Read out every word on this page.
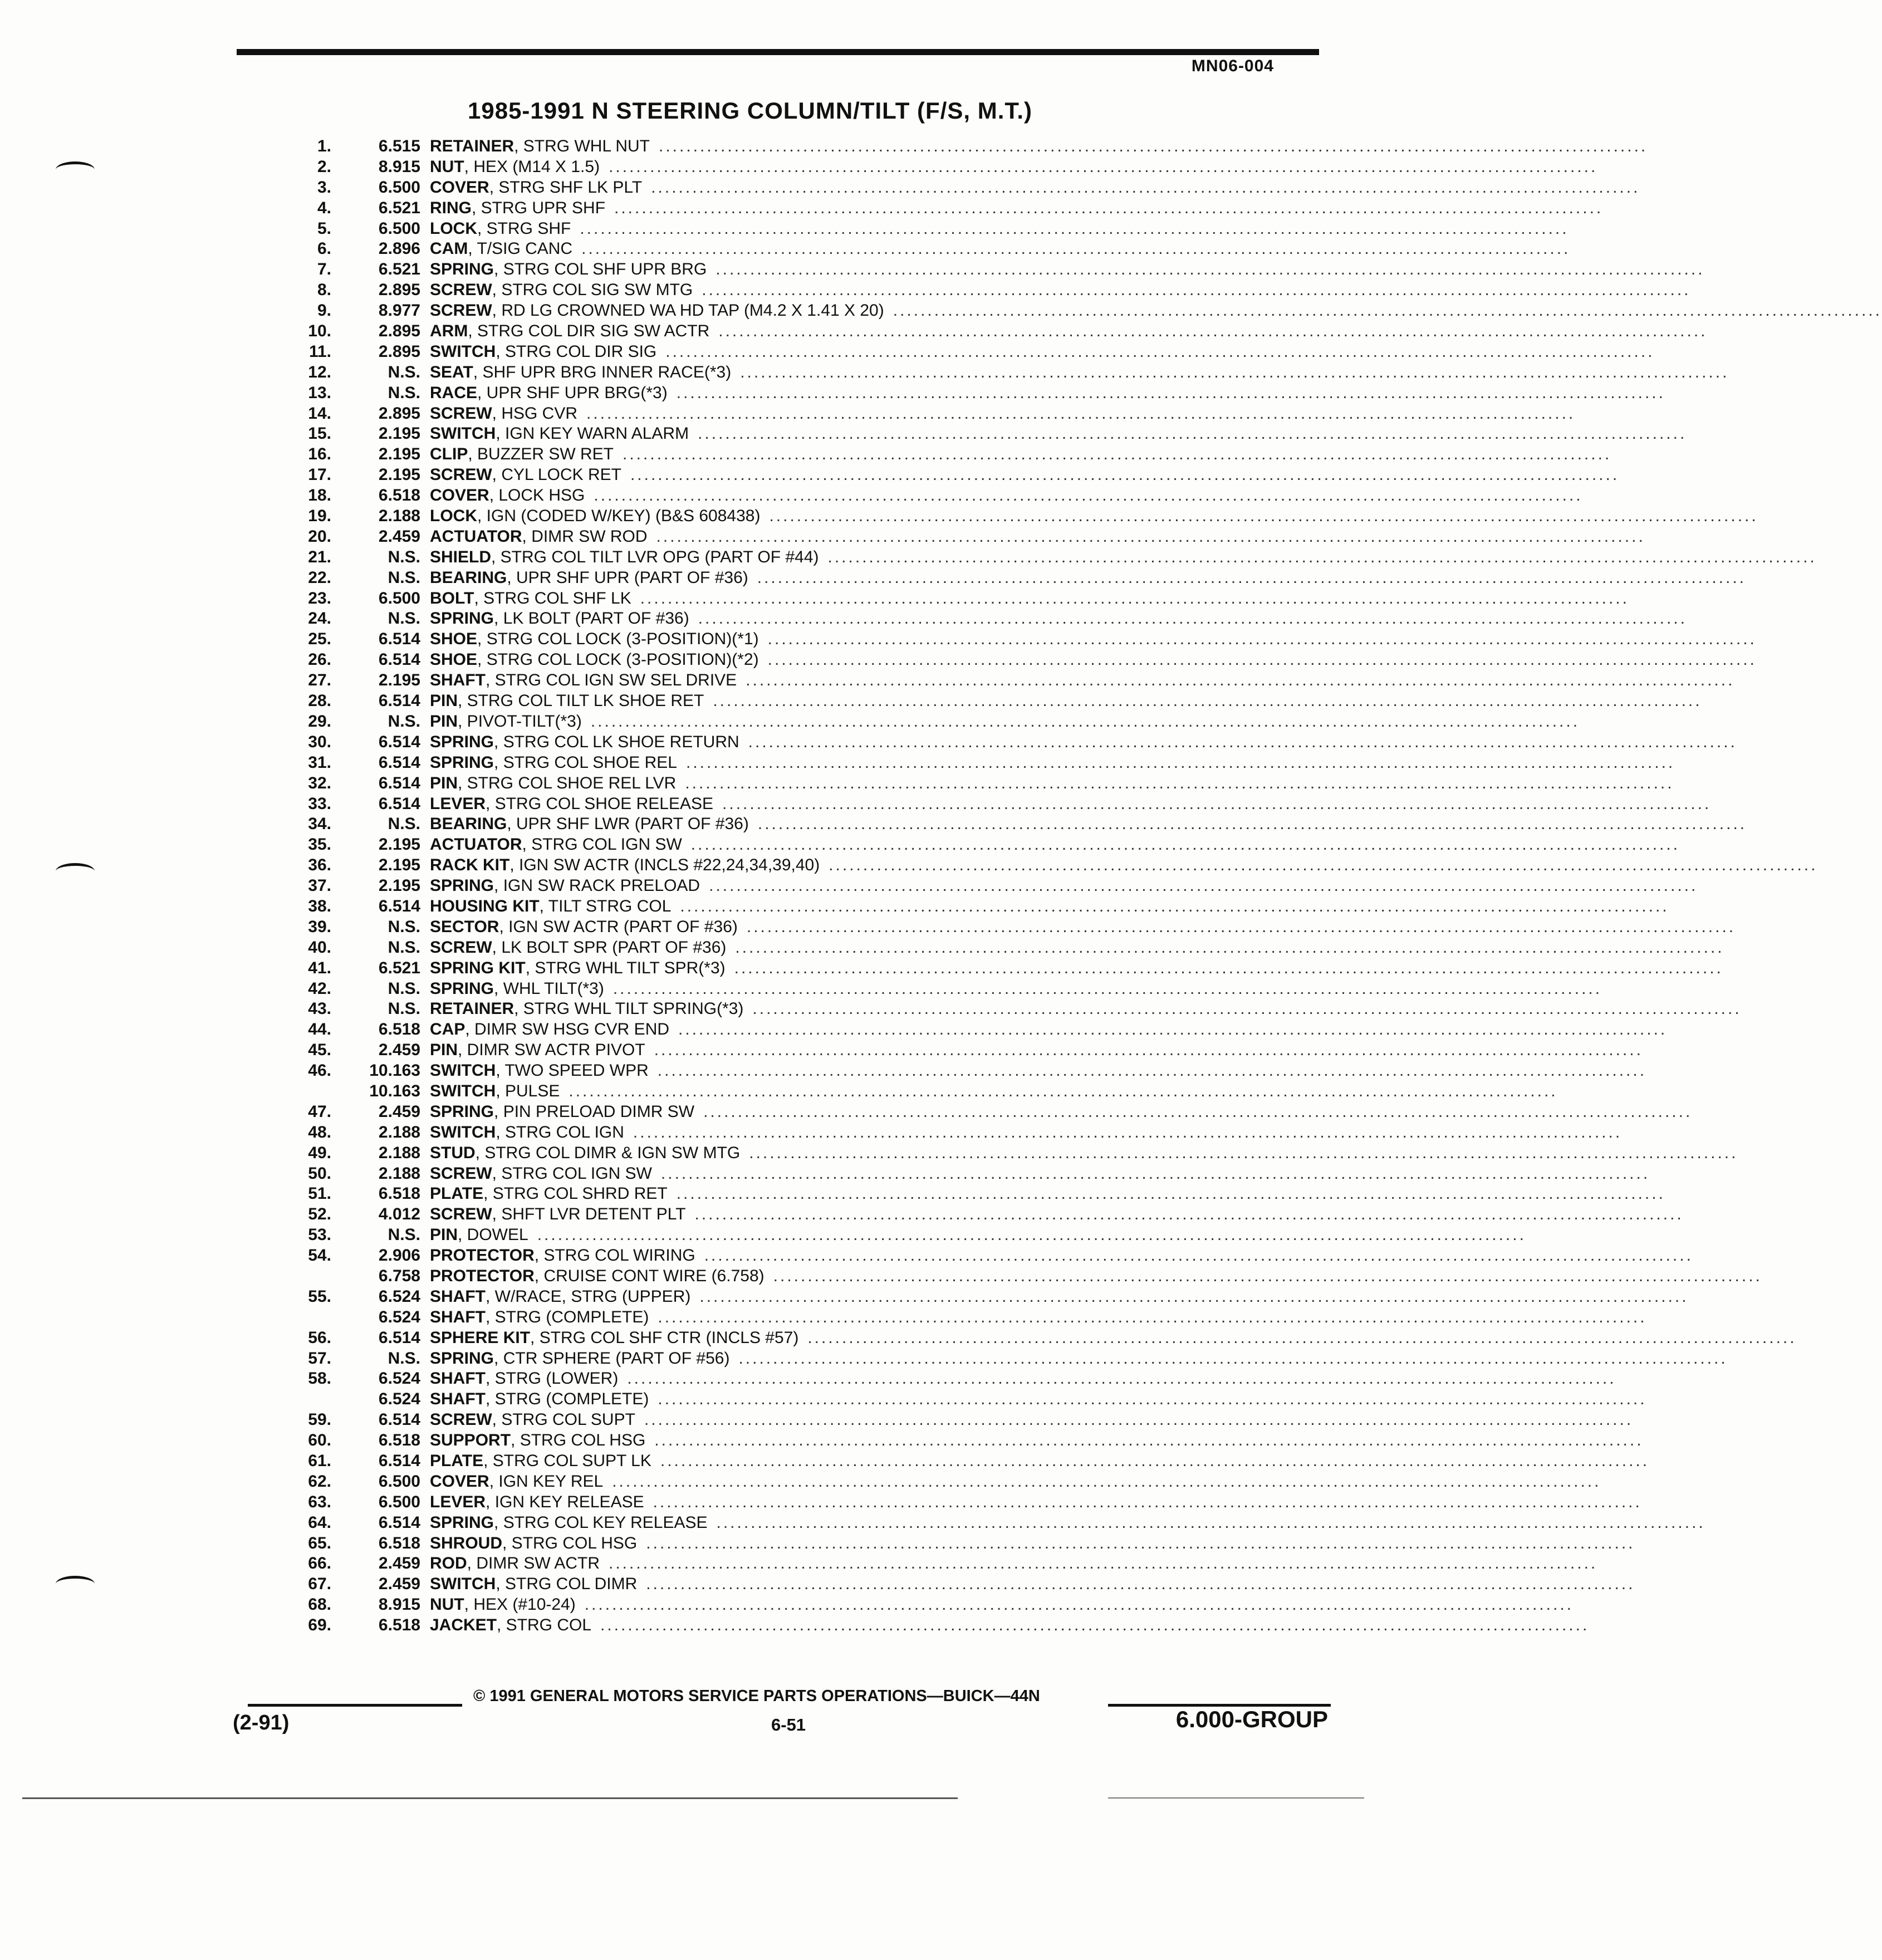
MN06-004
1985-1991 N STEERING COLUMN/TILT (F/S, M.T.)
1.	6.515 RETAINER, STRG WHL NUT ................................................................................................................................................
2.	8.915 NUT, HEX (M14 X 1.5) ................................................................................................................................................
3.	6.500 COVER, STRG SHF LK PLT ................................................................................................................................................
4.	6.521 RING, STRG UPR SHF ................................................................................................................................................
5.	6.500 LOCK, STRG SHF ................................................................................................................................................
6.	2.896 CAM, T/SIG CANC ................................................................................................................................................
7.	6.521 SPRING, STRG COL SHF UPR BRG ................................................................................................................................................
8.	2.895 SCREW, STRG COL SIG SW MTG ................................................................................................................................................
9.	8.977 SCREW, RD LG CROWNED WA HD TAP (M4.2 X 1.41 X 20) ................................................................................................................................................
10.	2.895 ARM, STRG COL DIR SIG SW ACTR ................................................................................................................................................
11.	2.895 SWITCH, STRG COL DIR SIG ................................................................................................................................................
12.	N.S. SEAT, SHF UPR BRG INNER RACE(*3) ................................................................................................................................................
13.	N.S. RACE, UPR SHF UPR BRG(*3) ................................................................................................................................................
14.	2.895 SCREW, HSG CVR ................................................................................................................................................
15.	2.195 SWITCH, IGN KEY WARN ALARM ................................................................................................................................................
16.	2.195 CLIP, BUZZER SW RET ................................................................................................................................................
17.	2.195 SCREW, CYL LOCK RET ................................................................................................................................................
18.	6.518 COVER, LOCK HSG ................................................................................................................................................
19.	2.188 LOCK, IGN (CODED W/KEY) (B&S 608438) ................................................................................................................................................
20.	2.459 ACTUATOR, DIMR SW ROD ................................................................................................................................................
21.	N.S. SHIELD, STRG COL TILT LVR OPG (PART OF #44) ................................................................................................................................................
22.	N.S. BEARING, UPR SHF UPR (PART OF #36) ................................................................................................................................................
23.	6.500 BOLT, STRG COL SHF LK ................................................................................................................................................
24.	N.S. SPRING, LK BOLT (PART OF #36) ................................................................................................................................................
25.	6.514 SHOE, STRG COL LOCK (3-POSITION)(*1) ................................................................................................................................................
26.	6.514 SHOE, STRG COL LOCK (3-POSITION)(*2) ................................................................................................................................................
27.	2.195 SHAFT, STRG COL IGN SW SEL DRIVE ................................................................................................................................................
28.	6.514 PIN, STRG COL TILT LK SHOE RET ................................................................................................................................................
29.	N.S. PIN, PIVOT-TILT(*3) ................................................................................................................................................
30.	6.514 SPRING, STRG COL LK SHOE RETURN ................................................................................................................................................
31.	6.514 SPRING, STRG COL SHOE REL ................................................................................................................................................
32.	6.514 PIN, STRG COL SHOE REL LVR ................................................................................................................................................
33.	6.514 LEVER, STRG COL SHOE RELEASE ................................................................................................................................................
34.	N.S. BEARING, UPR SHF LWR (PART OF #36) ................................................................................................................................................
35.	2.195 ACTUATOR, STRG COL IGN SW ................................................................................................................................................
36.	2.195 RACK KIT, IGN SW ACTR (INCLS #22,24,34,39,40) ................................................................................................................................................
37.	2.195 SPRING, IGN SW RACK PRELOAD ................................................................................................................................................
38.	6.514 HOUSING KIT, TILT STRG COL ................................................................................................................................................
39.	N.S. SECTOR, IGN SW ACTR (PART OF #36) ................................................................................................................................................
40.	N.S. SCREW, LK BOLT SPR (PART OF #36) ................................................................................................................................................
41.	6.521 SPRING KIT, STRG WHL TILT SPR(*3) ................................................................................................................................................
42.	N.S. SPRING, WHL TILT(*3) ................................................................................................................................................
43.	N.S. RETAINER, STRG WHL TILT SPRING(*3) ................................................................................................................................................
44.	6.518 CAP, DIMR SW HSG CVR END ................................................................................................................................................
45.	2.459 PIN, DIMR SW ACTR PIVOT ................................................................................................................................................
46.	10.163 SWITCH, TWO SPEED WPR ................................................................................................................................................
10.163 SWITCH, PULSE ................................................................................................................................................
47.	2.459 SPRING, PIN PRELOAD DIMR SW ................................................................................................................................................
48.	2.188 SWITCH, STRG COL IGN ................................................................................................................................................
49.	2.188 STUD, STRG COL DIMR & IGN SW MTG ................................................................................................................................................
50.	2.188 SCREW, STRG COL IGN SW ................................................................................................................................................
51.	6.518 PLATE, STRG COL SHRD RET ................................................................................................................................................
52.	4.012 SCREW, SHFT LVR DETENT PLT ................................................................................................................................................
53.	N.S. PIN, DOWEL ................................................................................................................................................
54.	2.906 PROTECTOR, STRG COL WIRING ................................................................................................................................................
6.758 PROTECTOR, CRUISE CONT WIRE (6.758) ................................................................................................................................................
55.	6.524 SHAFT, W/RACE, STRG (UPPER) ................................................................................................................................................
6.524 SHAFT, STRG (COMPLETE) ................................................................................................................................................
56.	6.514 SPHERE KIT, STRG COL SHF CTR (INCLS #57) ................................................................................................................................................
57.	N.S. SPRING, CTR SPHERE (PART OF #56) ................................................................................................................................................
58.	6.524 SHAFT, STRG (LOWER) ................................................................................................................................................
6.524 SHAFT, STRG (COMPLETE) ................................................................................................................................................
59.	6.514 SCREW, STRG COL SUPT ................................................................................................................................................
60.	6.518 SUPPORT, STRG COL HSG ................................................................................................................................................
61.	6.514 PLATE, STRG COL SUPT LK ................................................................................................................................................
62.	6.500 COVER, IGN KEY REL ................................................................................................................................................
63.	6.500 LEVER, IGN KEY RELEASE ................................................................................................................................................
64.	6.514 SPRING, STRG COL KEY RELEASE ................................................................................................................................................
65.	6.518 SHROUD, STRG COL HSG ................................................................................................................................................
66.	2.459 ROD, DIMR SW ACTR ................................................................................................................................................
67.	2.459 SWITCH, STRG COL DIMR ................................................................................................................................................
68.	8.915 NUT, HEX (#10-24) ................................................................................................................................................
69.	6.518 JACKET, STRG COL ................................................................................................................................................
© 1991 GENERAL MOTORS SERVICE PARTS OPERATIONS—BUICK—44N
(2-91)	6-51	6.000-GROUP
